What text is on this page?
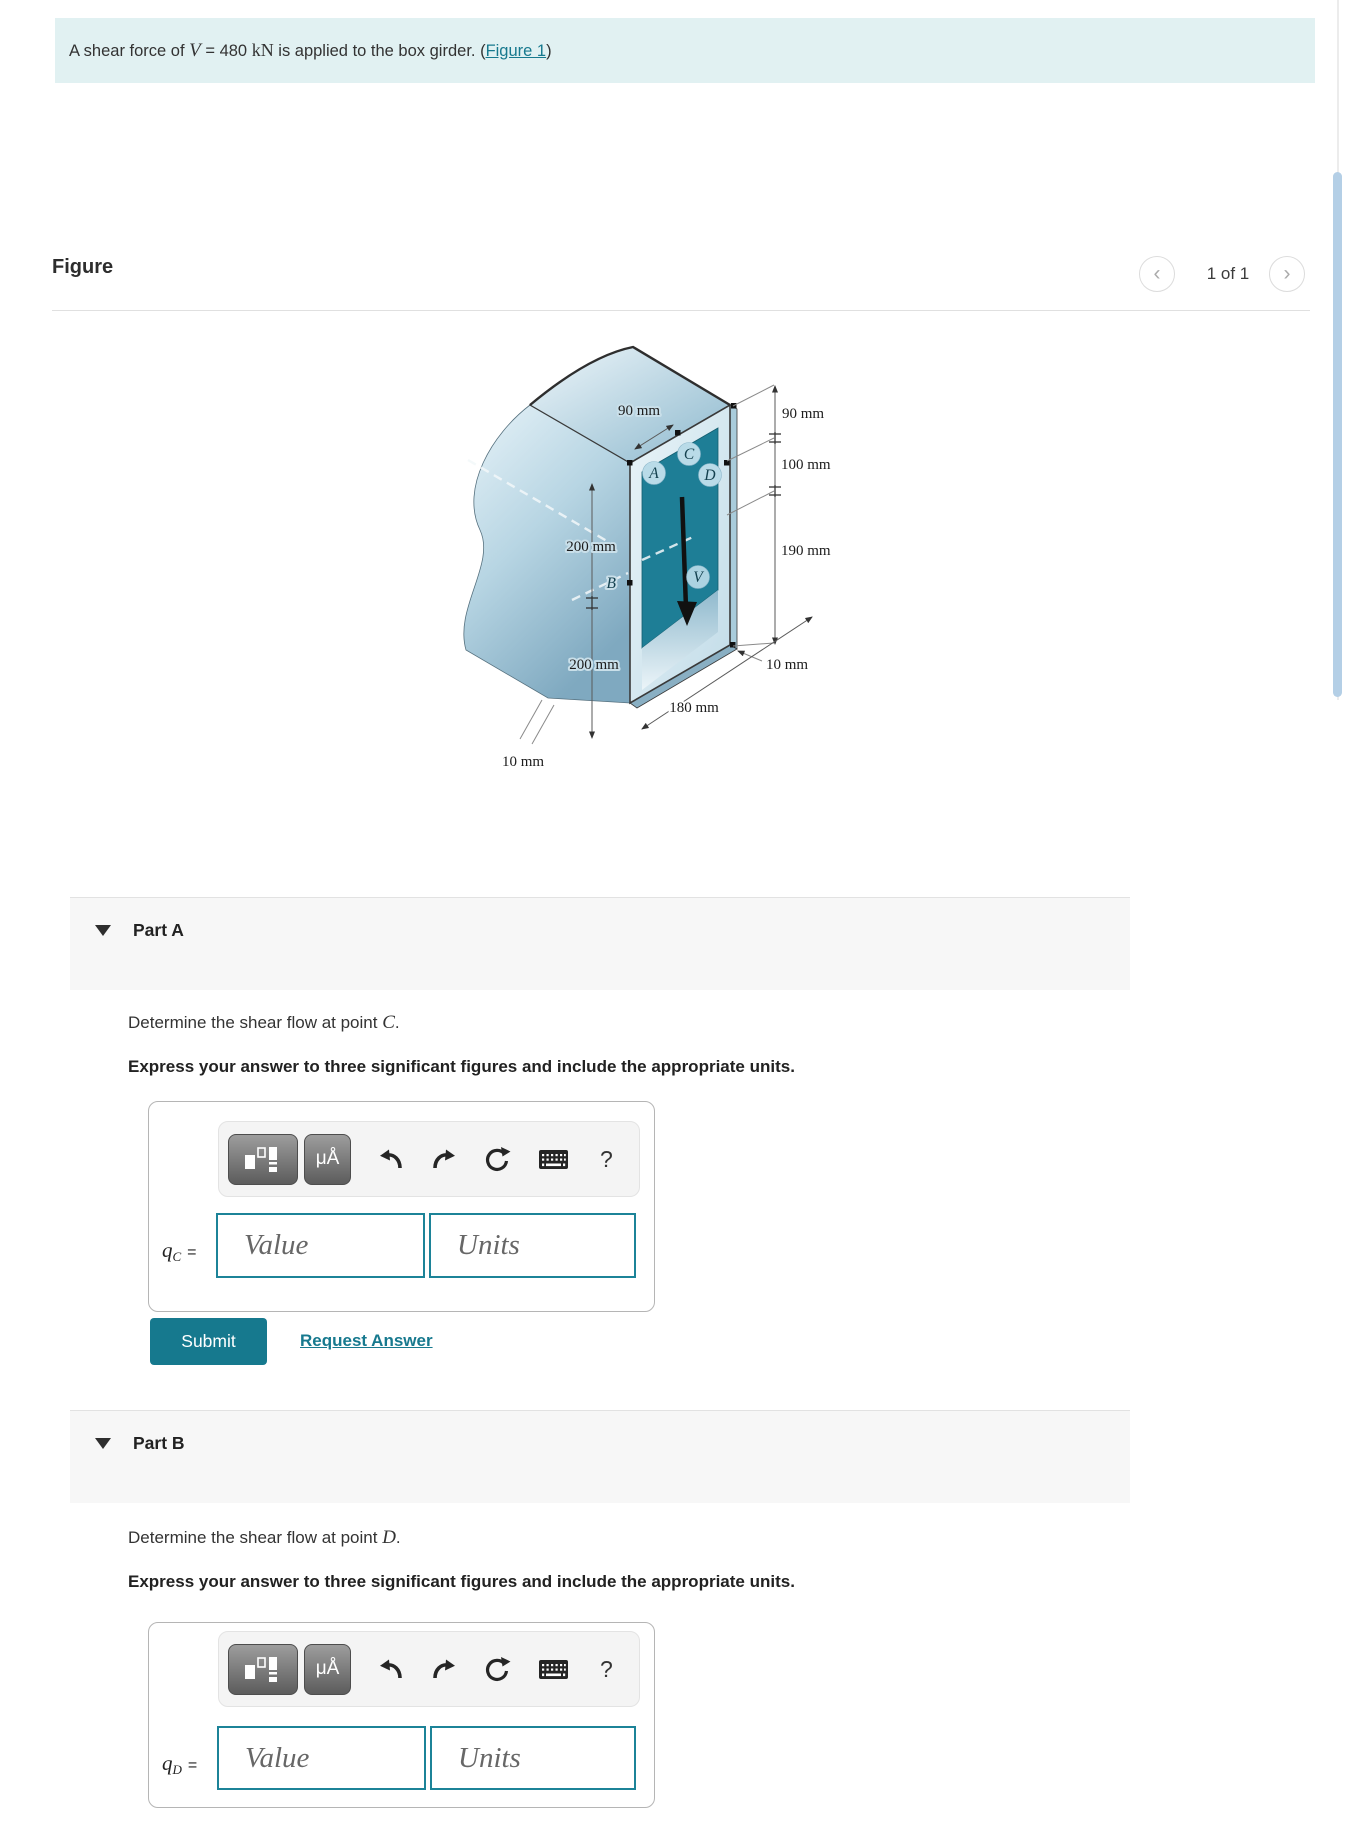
A shear force of V = 480 kN is applied to the box girder. (Figure 1)
Figure	‹	1 of 1	›
A
C
D
V
B
90 mm
200 mm
200 mm
90 mm
100 mm
190 mm
10 mm
180 mm
10 mm
Part A
Determine the shear flow at point C.
Express your answer to three significant figures and include the appropriate units.
μÅ	?
$q_C$ =
Value
Units
Submit	Request Answer
Part B
Determine the shear flow at point D.
Express your answer to three significant figures and include the appropriate units.
μÅ	?
$q_D$ =
Value
Units
